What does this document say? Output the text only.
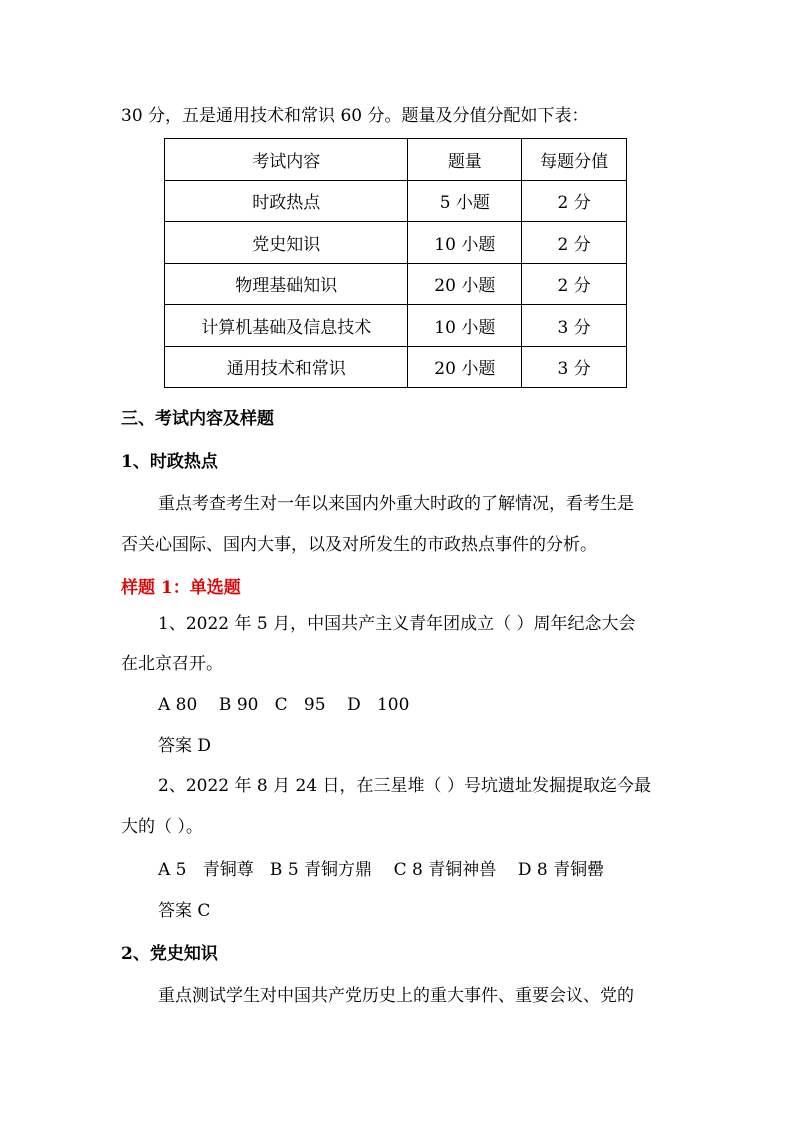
30 分，五是通用技术和常识 60 分。题量及分值分配如下表：
考试内容	题量	每题分值
时政热点	5 小题	2 分
党史知识	10 小题	2 分
物理基础知识	20 小题	2 分
计算机基础及信息技术	10 小题	3 分
通用技术和常识	20 小题	3 分
三、考试内容及样题
1、时政热点
重点考查考生对一年以来国内外重大时政的了解情况，看考生是
否关心国际、国内大事，以及对所发生的市政热点事件的分析。
样题 1：单选题
1、2022 年 5 月，中国共产主义青年团成立（ ）周年纪念大会
在北京召开。
A 80    B 90   C   95    D   100
答案 D
2、2022 年 8 月 24 日，在三星堆（ ）号坑遗址发掘提取迄今最
大的（ ）。
A 5   青铜尊   B 5 青铜方鼎    C 8 青铜神兽    D 8 青铜罍
答案 C
2、党史知识
重点测试学生对中国共产党历史上的重大事件、重要会议、党的
